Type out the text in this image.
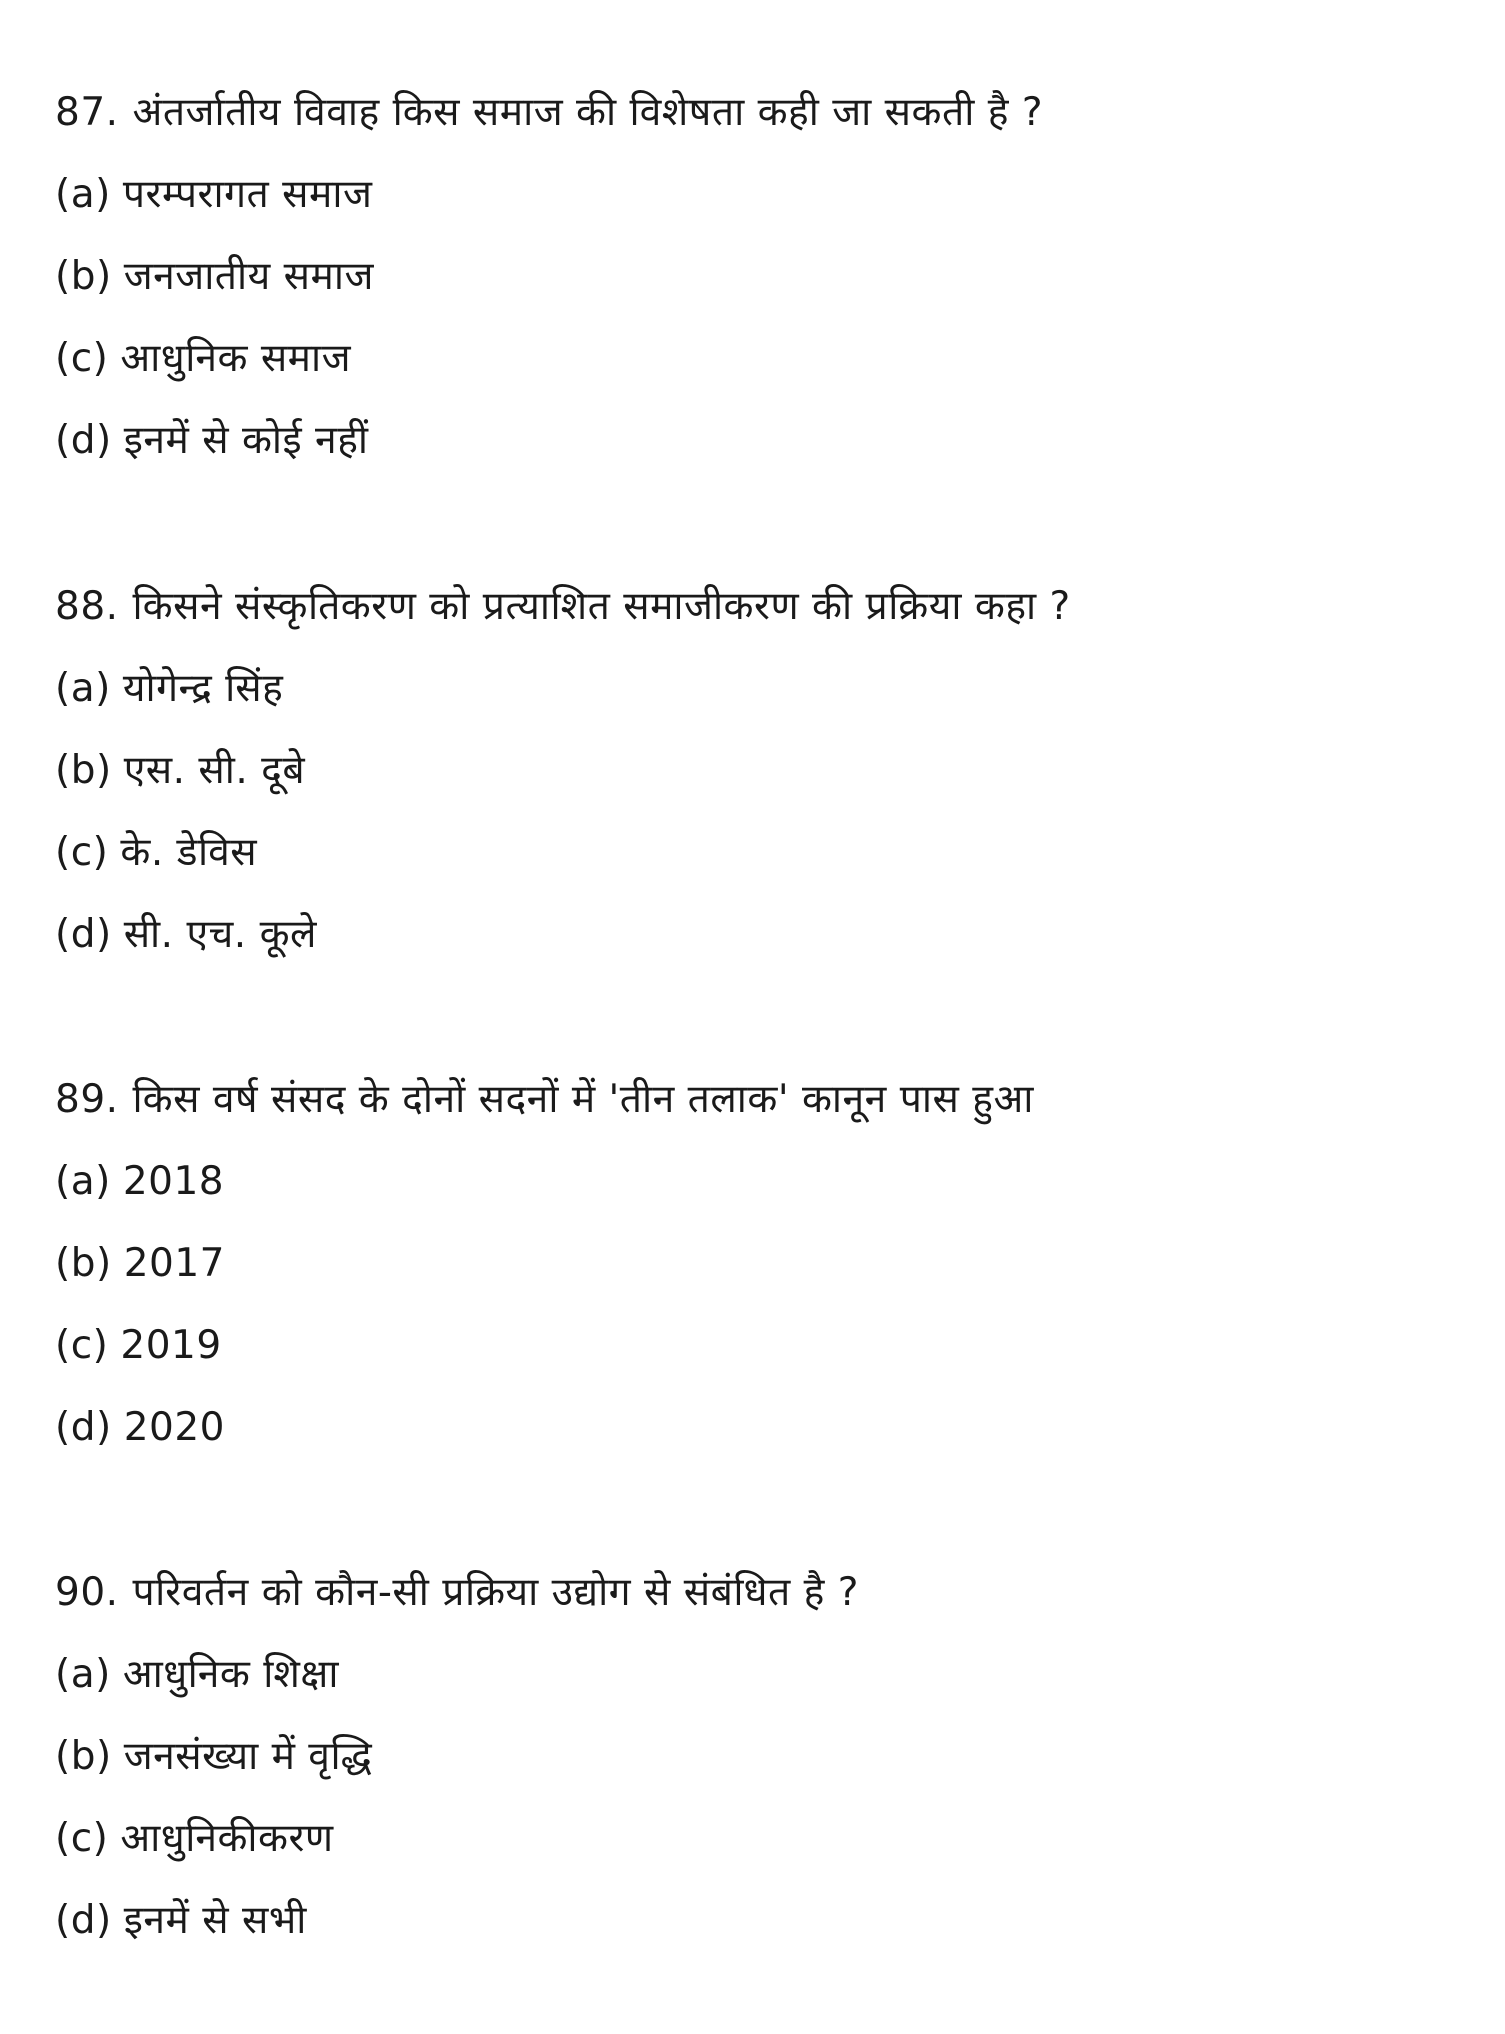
87. अंतर्जातीय विवाह किस समाज की विशेषता कही जा सकती है ?
(a) परम्परागत समाज
(b) जनजातीय समाज
(c) आधुनिक समाज
(d) इनमें से कोई नहीं
88. किसने संस्कृतिकरण को प्रत्याशित समाजीकरण की प्रक्रिया कहा ?
(a) योगेन्द्र सिंह
(b) एस. सी. दूबे
(c) के. डेविस
(d) सी. एच. कूले
89. किस वर्ष संसद के दोनों सदनों में 'तीन तलाक' कानून पास हुआ
(a) 2018
(b) 2017
(c) 2019
(d) 2020
90. परिवर्तन को कौन-सी प्रक्रिया उद्योग से संबंधित है ?
(a) आधुनिक शिक्षा
(b) जनसंख्या में वृद्धि
(c) आधुनिकीकरण
(d) इनमें से सभी
